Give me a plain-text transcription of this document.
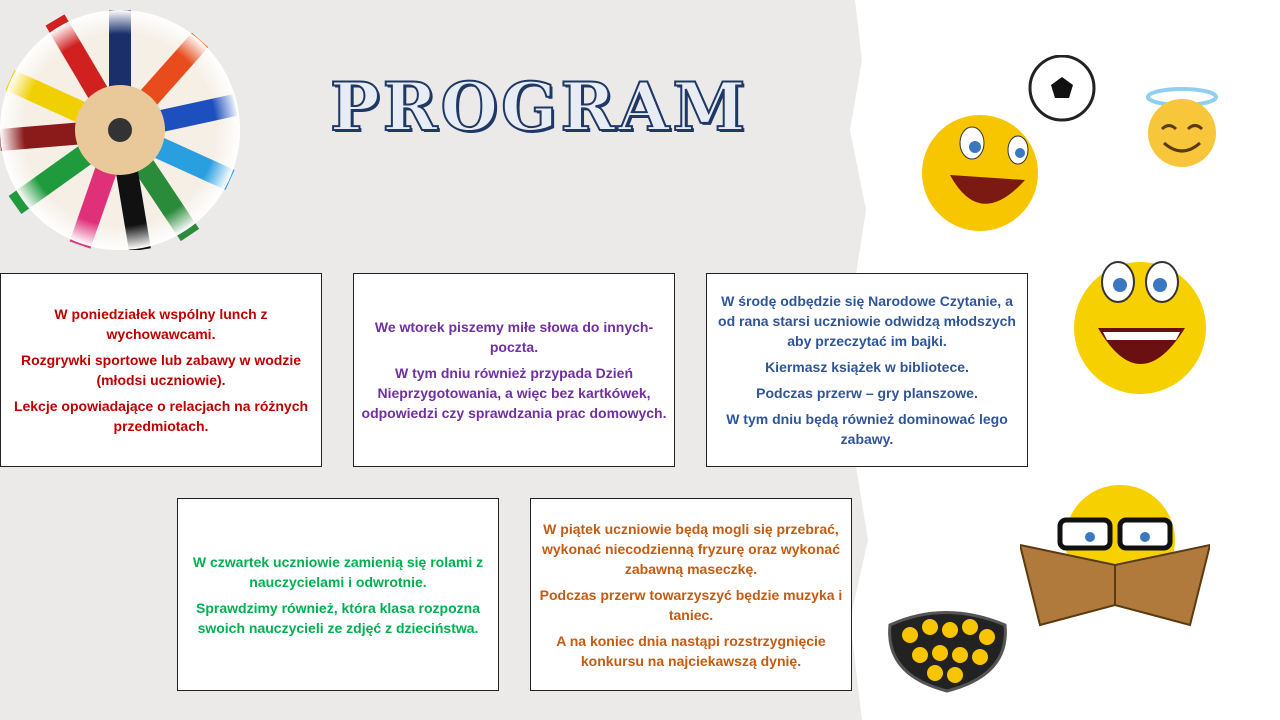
PROGRAM

W poniedziałek wspólny lunch z wychowawcami.

Rozgrywki sportowe lub zabawy w wodzie (młodsi uczniowie).

Lekcje opowiadające o relacjach na różnych przedmiotach.

We wtorek piszemy miłe słowa do innych- poczta.

W tym dniu również przypada Dzień Nieprzygotowania, a więc bez kartkówek, odpowiedzi czy sprawdzania prac domowych.

W środę odbędzie się Narodowe Czytanie, a od rana starsi uczniowie odwidzą młodszych aby przeczytać im bajki.

Kiermasz książek w bibliotece.

Podczas przerw – gry planszowe.

W tym dniu będą również dominować lego zabawy.

W czwartek uczniowie zamienią się rolami z nauczycielami i odwrotnie.

Sprawdzimy również, która klasa rozpozna swoich nauczycieli ze zdjęć z dzieciństwa.

W piątek uczniowie będą mogli się przebrać, wykonać niecodzienną fryzurę oraz wykonać zabawną maseczkę.

Podczas przerw towarzyszyć będzie muzyka i taniec.

A na koniec dnia nastąpi rozstrzygnięcie konkursu na najciekawszą dynię.
